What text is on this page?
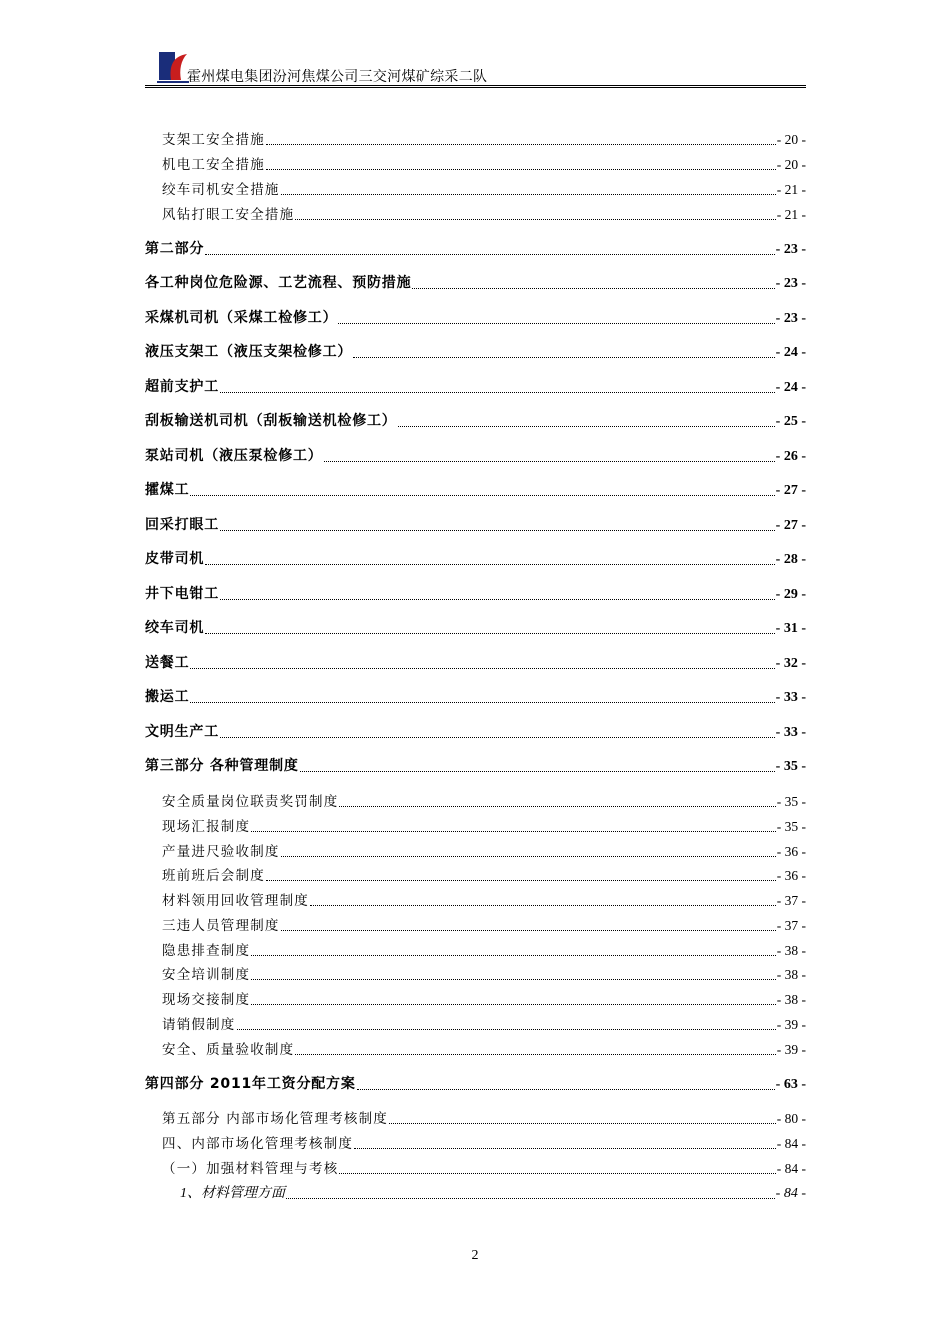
霍州煤电集团汾河焦煤公司三交河煤矿综采二队
支架工安全措施	- 20 -
机电工安全措施	- 20 -
绞车司机安全措施	- 21 -
风钻打眼工安全措施	- 21 -
第二部分	- 23 -
各工种岗位危险源、工艺流程、预防措施	- 23 -
采煤机司机（采煤工检修工）	- 23 -
液压支架工（液压支架检修工）	- 24 -
超前支护工	- 24 -
刮板输送机司机（刮板输送机检修工）	- 25 -
泵站司机（液压泵检修工）	- 26 -
攉煤工	- 27 -
回采打眼工	- 27 -
皮带司机	- 28 -
井下电钳工	- 29 -
绞车司机	- 31 -
送餐工	- 32 -
搬运工	- 33 -
文明生产工	- 33 -
第三部分 各种管理制度	- 35 -
安全质量岗位联责奖罚制度	- 35 -
现场汇报制度	- 35 -
产量进尺验收制度	- 36 -
班前班后会制度	- 36 -
材料领用回收管理制度	- 37 -
三违人员管理制度	- 37 -
隐患排查制度	- 38 -
安全培训制度	- 38 -
现场交接制度	- 38 -
请销假制度	- 39 -
安全、质量验收制度	- 39 -
第四部分 2011年工资分配方案	- 63 -
第五部分 内部市场化管理考核制度	- 80 -
四、内部市场化管理考核制度	- 84 -
（一）加强材料管理与考核	- 84 -
1、材料管理方面	- 84 -
2
